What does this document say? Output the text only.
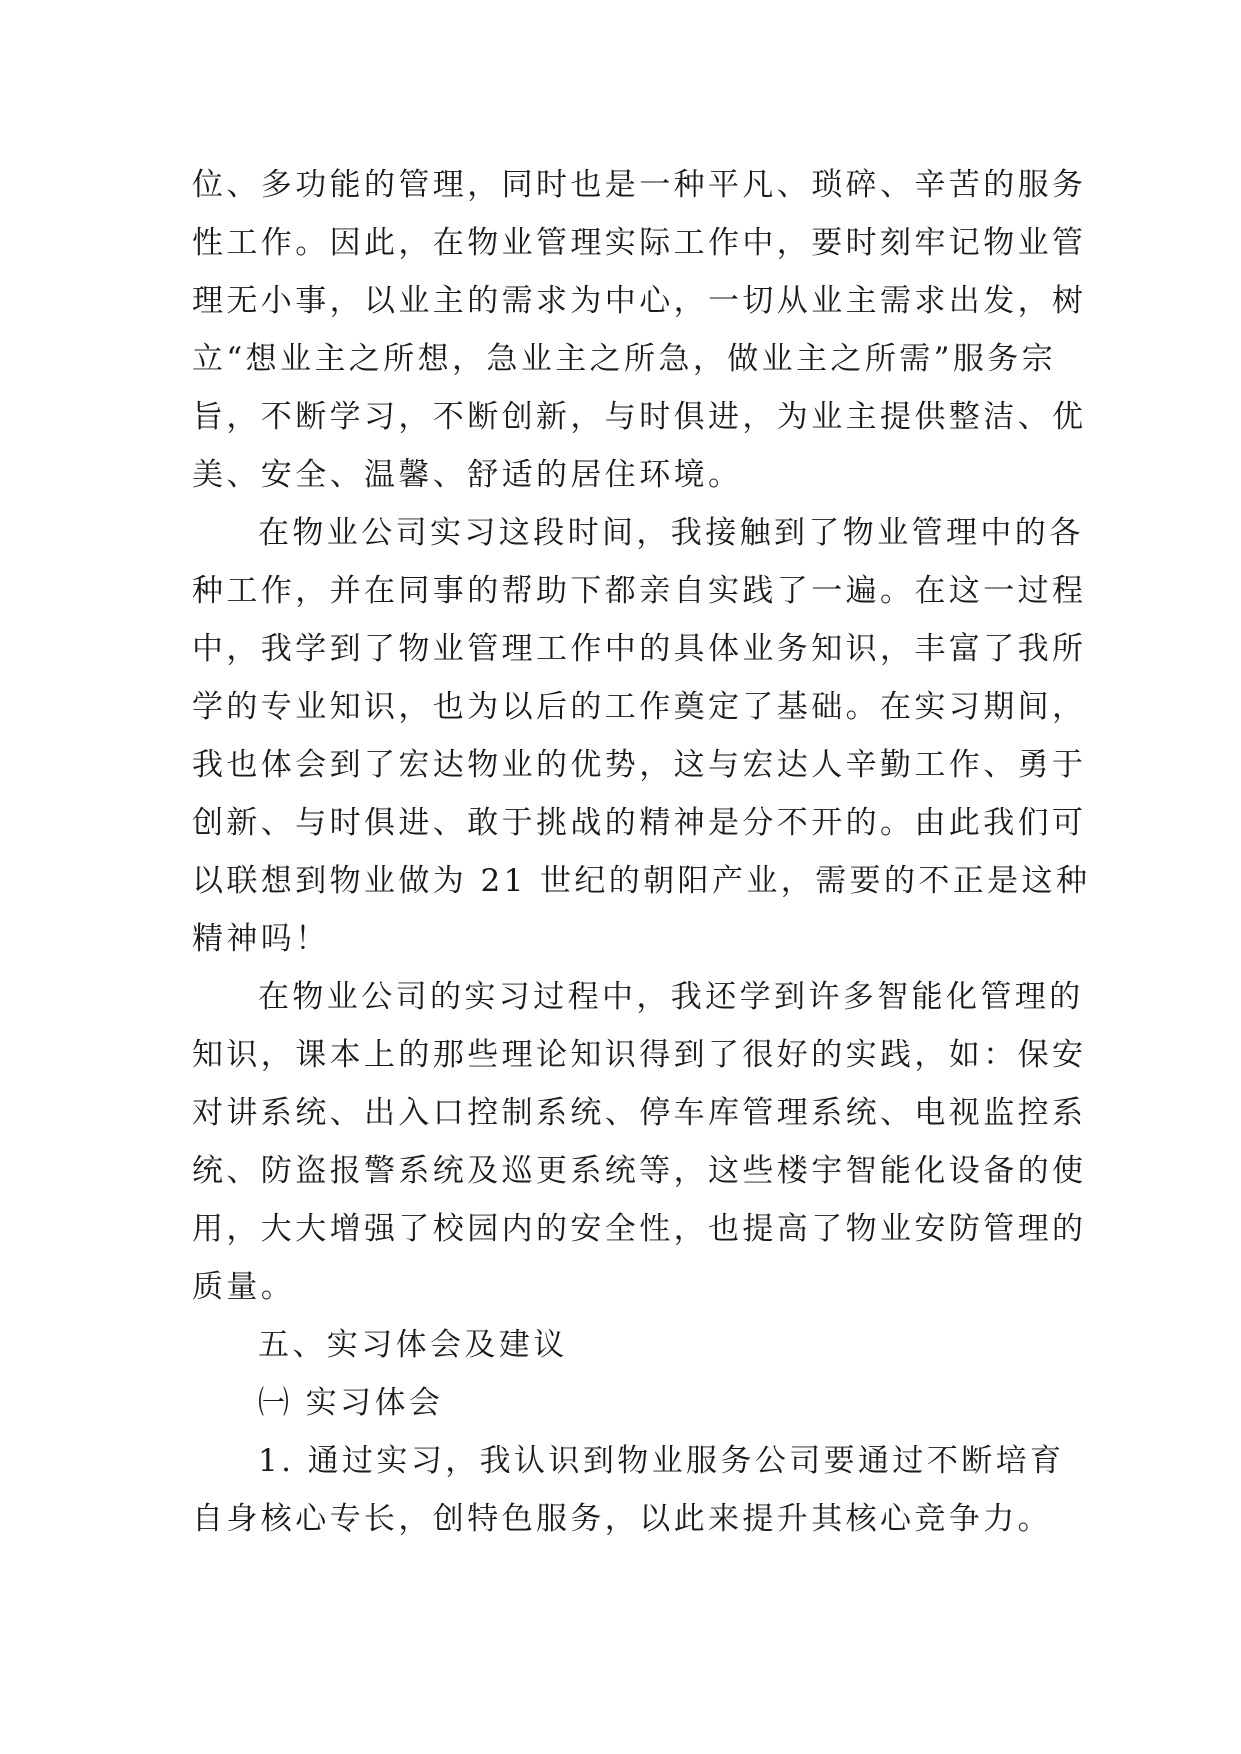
位、多功能的管理，同时也是一种平凡、琐碎、辛苦的服务
性工作。因此，在物业管理实际工作中，要时刻牢记物业管
理无小事，以业主的需求为中心，一切从业主需求出发，树
立“想业主之所想，急业主之所急，做业主之所需”服务宗
旨，不断学习，不断创新，与时俱进，为业主提供整洁、优
美、安全、温馨、舒适的居住环境。
在物业公司实习这段时间，我接触到了物业管理中的各
种工作，并在同事的帮助下都亲自实践了一遍。在这一过程
中，我学到了物业管理工作中的具体业务知识，丰富了我所
学的专业知识，也为以后的工作奠定了基础。在实习期间，
我也体会到了宏达物业的优势，这与宏达人辛勤工作、勇于
创新、与时俱进、敢于挑战的精神是分不开的。由此我们可
以联想到物业做为 21 世纪的朝阳产业，需要的不正是这种
精神吗！
在物业公司的实习过程中，我还学到许多智能化管理的
知识，课本上的那些理论知识得到了很好的实践，如：保安
对讲系统、出入口控制系统、停车库管理系统、电视监控系
统、防盗报警系统及巡更系统等，这些楼宇智能化设备的使
用，大大增强了校园内的安全性，也提高了物业安防管理的
质量。
五、实习体会及建议
㈠ 实习体会
1. 通过实习，我认识到物业服务公司要通过不断培育
自身核心专长，创特色服务，以此来提升其核心竞争力。
